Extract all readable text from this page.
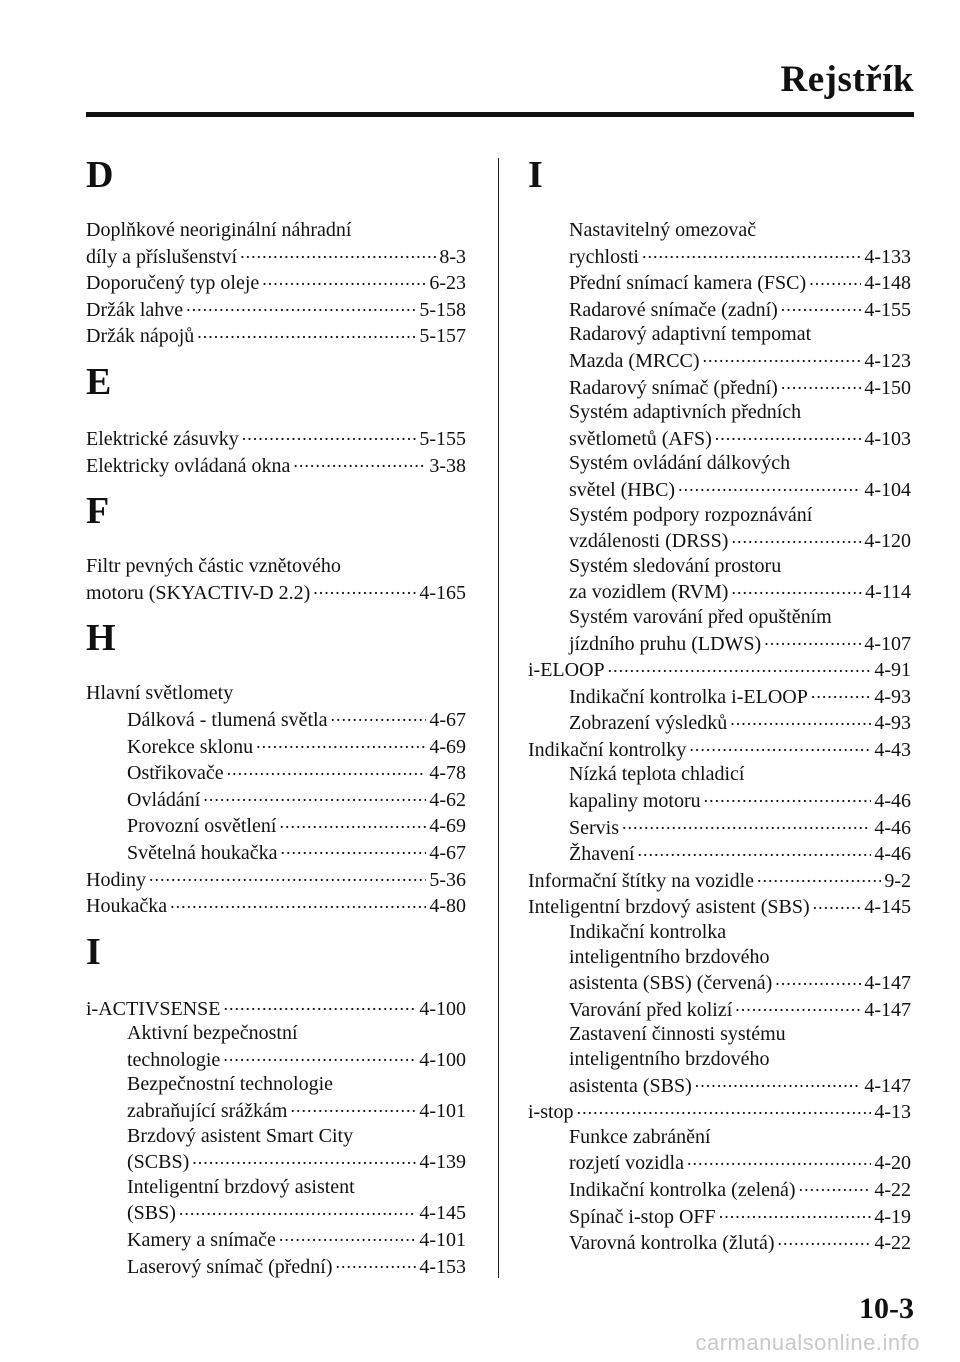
Rejstřík
D
Doplňkové neoriginální náhradní
díly a příslušenství .....	8-3
Doporučený typ oleje .....	6-23
Držák lahve .....	5-158
Držák nápojů .....	5-157
E
Elektrické zásuvky .....	5-155
Elektricky ovládaná okna .....	3-38
F
Filtr pevných částic vznětového
motoru (SKYACTIV-D 2.2) .....	4-165
H
Hlavní světlomety
Dálková - tlumená světla .....	4-67
Korekce sklonu .....	4-69
Ostřikovače .....	4-78
Ovládání .....	4-62
Provozní osvětlení .....	4-69
Světelná houkačka .....	4-67
Hodiny .....	5-36
Houkačka .....	4-80
I
i-ACTIVSENSE .....	4-100
Aktivní bezpečnostní
technologie .....	4-100
Bezpečnostní technologie
zabraňující srážkám .....	4-101
Brzdový asistent Smart City
(SCBS) .....	4-139
Inteligentní brzdový asistent
(SBS) .....	4-145
Kamery a snímače .....	4-101
Laserový snímač (přední) .....	4-153
I
Nastavitelný omezovač
rychlosti .....	4-133
Přední snímací kamera (FSC) .....	4-148
Radarové snímače (zadní) .....	4-155
Radarový adaptivní tempomat
Mazda (MRCC) .....	4-123
Radarový snímač (přední) .....	4-150
Systém adaptivních předních
světlometů (AFS) .....	4-103
Systém ovládání dálkových
světel (HBC) .....	4-104
Systém podpory rozpoznávání
vzdálenosti (DRSS) .....	4-120
Systém sledování prostoru
za vozidlem (RVM) .....	4-114
Systém varování před opuštěním
jízdního pruhu (LDWS) .....	4-107
i-ELOOP .....	4-91
Indikační kontrolka i-ELOOP .....	4-93
Zobrazení výsledků .....	4-93
Indikační kontrolky .....	4-43
Nízká teplota chladicí
kapaliny motoru .....	4-46
Servis .....	4-46
Žhavení .....	4-46
Informační štítky na vozidle .....	9-2
Inteligentní brzdový asistent (SBS) .....	4-145
Indikační kontrolka
inteligentního brzdového
asistenta (SBS) (červená) .....	4-147
Varování před kolizí .....	4-147
Zastavení činnosti systému
inteligentního brzdového
asistenta (SBS) .....	4-147
i-stop .....	4-13
Funkce zabránění
rozjetí vozidla .....	4-20
Indikační kontrolka (zelená) .....	4-22
Spínač i-stop OFF .....	4-19
Varovná kontrolka (žlutá) .....	4-22
10-3
carmanualsonline.info
